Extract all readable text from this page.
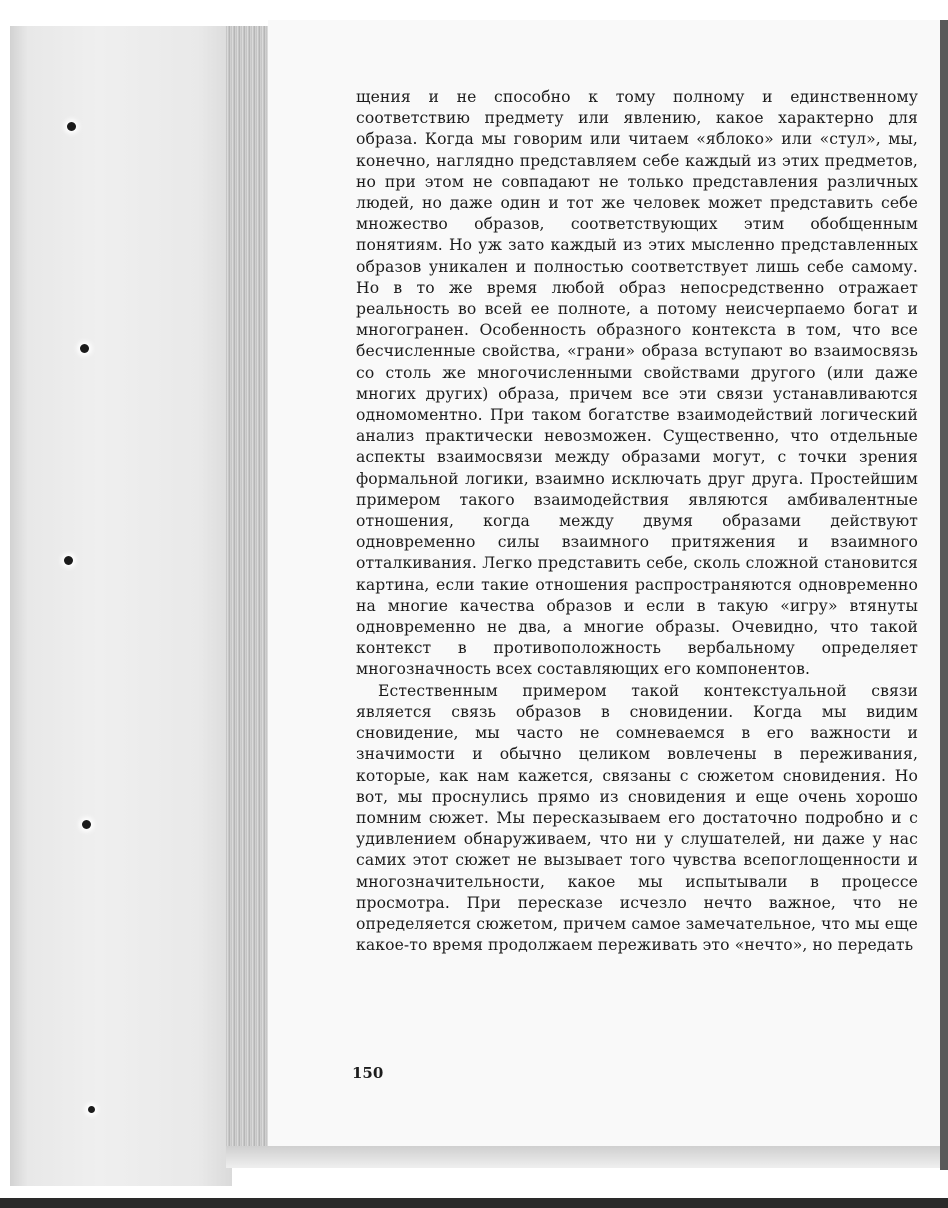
щения и не способно к тому полному и единственному соответствию предмету или явлению, какое характерно для образа. Когда мы говорим или читаем «яблоко» или «стул», мы, конечно, наглядно представляем себе каждый из этих предметов, но при этом не совпадают не только представления различных людей, но даже один и тот же человек может представить себе множество образов, соответствующих этим обобщенным понятиям. Но уж зато каждый из этих мысленно представленных образов уникален и полностью соответствует лишь себе самому. Но в то же время любой образ непосредственно отражает реальность во всей ее полноте, а потому неисчерпаемо богат и многогранен. Особенность образного контекста в том, что все бесчисленные свойства, «грани» образа вступают во взаимосвязь со столь же многочисленными свойствами другого (или даже многих других) образа, причем все эти связи устанавливаются одномоментно. При таком богатстве взаимодействий логический анализ практически невозможен. Существенно, что отдельные аспекты взаимосвязи между образами могут, с точки зрения формальной логики, взаимно исключать друг друга. Простейшим примером такого взаимодействия являются амбивалентные отношения, когда между двумя образами действуют одновременно силы взаимного притяжения и взаимного отталкивания. Легко представить себе, сколь сложной становится картина, если такие отношения распространяются одновременно на многие качества образов и если в такую «игру» втянуты одновременно не два, а многие образы. Очевидно, что такой контекст в противоположность вербальному определяет многозначность всех составляющих его компонентов.

Естественным примером такой контекстуальной связи является связь образов в сновидении. Когда мы видим сновидение, мы часто не сомневаемся в его важности и значимости и обычно целиком вовлечены в переживания, которые, как нам кажется, связаны с сюжетом сновидения. Но вот, мы проснулись прямо из сновидения и еще очень хорошо помним сюжет. Мы пересказываем его достаточно подробно и с удивлением обнаруживаем, что ни у слушателей, ни даже у нас самих этот сюжет не вызывает того чувства всепоглощенности и многозначительности, какое мы испытывали в процессе просмотра. При пересказе исчезло нечто важное, что не определяется сюжетом, причем самое замечательное, что мы еще какое-то время продолжаем переживать это «нечто», но передать

150
